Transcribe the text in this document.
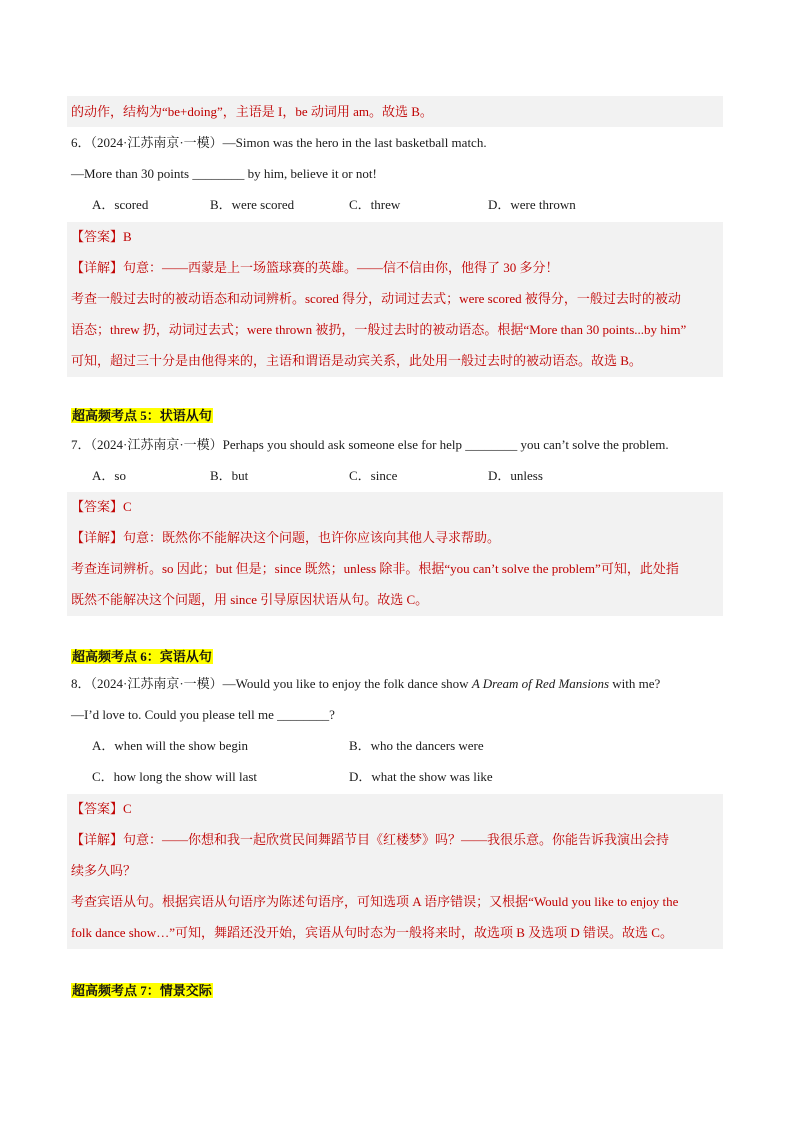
的动作，结构为“be+doing”，主语是 I，be 动词用 am。故选 B。
6．（2024·江苏南京·一模）—Simon was the hero in the last basketball match.
—More than 30 points ________ by him, believe it or not!
A．scored	B．were scored	C．threw	D．were thrown
【答案】B
【详解】句意：——西蒙是上一场篮球赛的英雄。——信不信由你，他得了 30 多分！
考查一般过去时的被动语态和动词辨析。scored 得分，动词过去式；were scored 被得分，一般过去时的被动
语态；threw 扔，动词过去式；were thrown 被扔，一般过去时的被动语态。根据“More than 30 points...by him”
可知，超过三十分是由他得来的，主语和谓语是动宾关系，此处用一般过去时的被动语态。故选 B。
超高频考点 5：状语从句
7．（2024·江苏南京·一模）Perhaps you should ask someone else for help ________ you can’t solve the problem.
A．so	B．but	C．since	D．unless
【答案】C
【详解】句意：既然你不能解决这个问题，也许你应该向其他人寻求帮助。
考查连词辨析。so 因此；but 但是；since 既然；unless 除非。根据“you can’t solve the problem”可知，此处指
既然不能解决这个问题，用 since 引导原因状语从句。故选 C。
超高频考点 6：宾语从句
8．（2024·江苏南京·一模）—Would you like to enjoy the folk dance show A Dream of Red Mansions with me?
—I’d love to. Could you please tell me ________?
A．when will the show begin	B．who the dancers were
C．how long the show will last	D．what the show was like
【答案】C
【详解】句意：——你想和我一起欣赏民间舞蹈节目《红楼梦》吗？——我很乐意。你能告诉我演出会持
续多久吗？
考查宾语从句。根据宾语从句语序为陈述句语序，可知选项 A 语序错误；又根据“Would you like to enjoy the
folk dance show…”可知，舞蹈还没开始，宾语从句时态为一般将来时，故选项 B 及选项 D 错误。故选 C。
超高频考点 7：情景交际
